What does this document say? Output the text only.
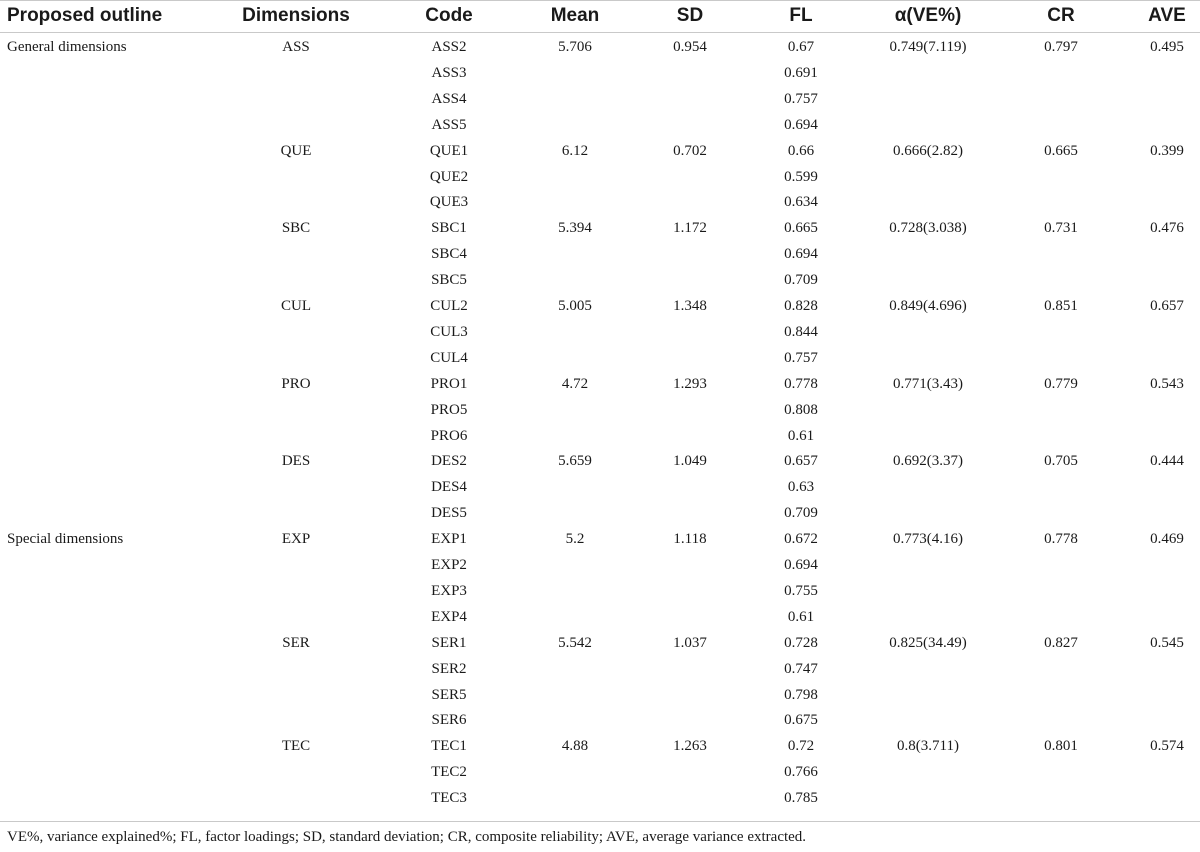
Proposed outline	Dimensions	Code	Mean	SD	FL	α(VE%)	CR	AVE
General dimensions	ASS	ASS2	5.706	0.954	0.67	0.749(7.119)	0.797	0.495
ASS3	0.691
ASS4	0.757
ASS5	0.694
QUE	QUE1	6.12	0.702	0.66	0.666(2.82)	0.665	0.399
QUE2	0.599
QUE3	0.634
SBC	SBC1	5.394	1.172	0.665	0.728(3.038)	0.731	0.476
SBC4	0.694
SBC5	0.709
CUL	CUL2	5.005	1.348	0.828	0.849(4.696)	0.851	0.657
CUL3	0.844
CUL4	0.757
PRO	PRO1	4.72	1.293	0.778	0.771(3.43)	0.779	0.543
PRO5	0.808
PRO6	0.61
DES	DES2	5.659	1.049	0.657	0.692(3.37)	0.705	0.444
DES4	0.63
DES5	0.709
Special dimensions	EXP	EXP1	5.2	1.118	0.672	0.773(4.16)	0.778	0.469
EXP2	0.694
EXP3	0.755
EXP4	0.61
SER	SER1	5.542	1.037	0.728	0.825(34.49)	0.827	0.545
SER2	0.747
SER5	0.798
SER6	0.675
TEC	TEC1	4.88	1.263	0.72	0.8(3.711)	0.801	0.574
TEC2	0.766
TEC3	0.785
VE%, variance explained%; FL, factor loadings; SD, standard deviation; CR, composite reliability; AVE, average variance extracted.
